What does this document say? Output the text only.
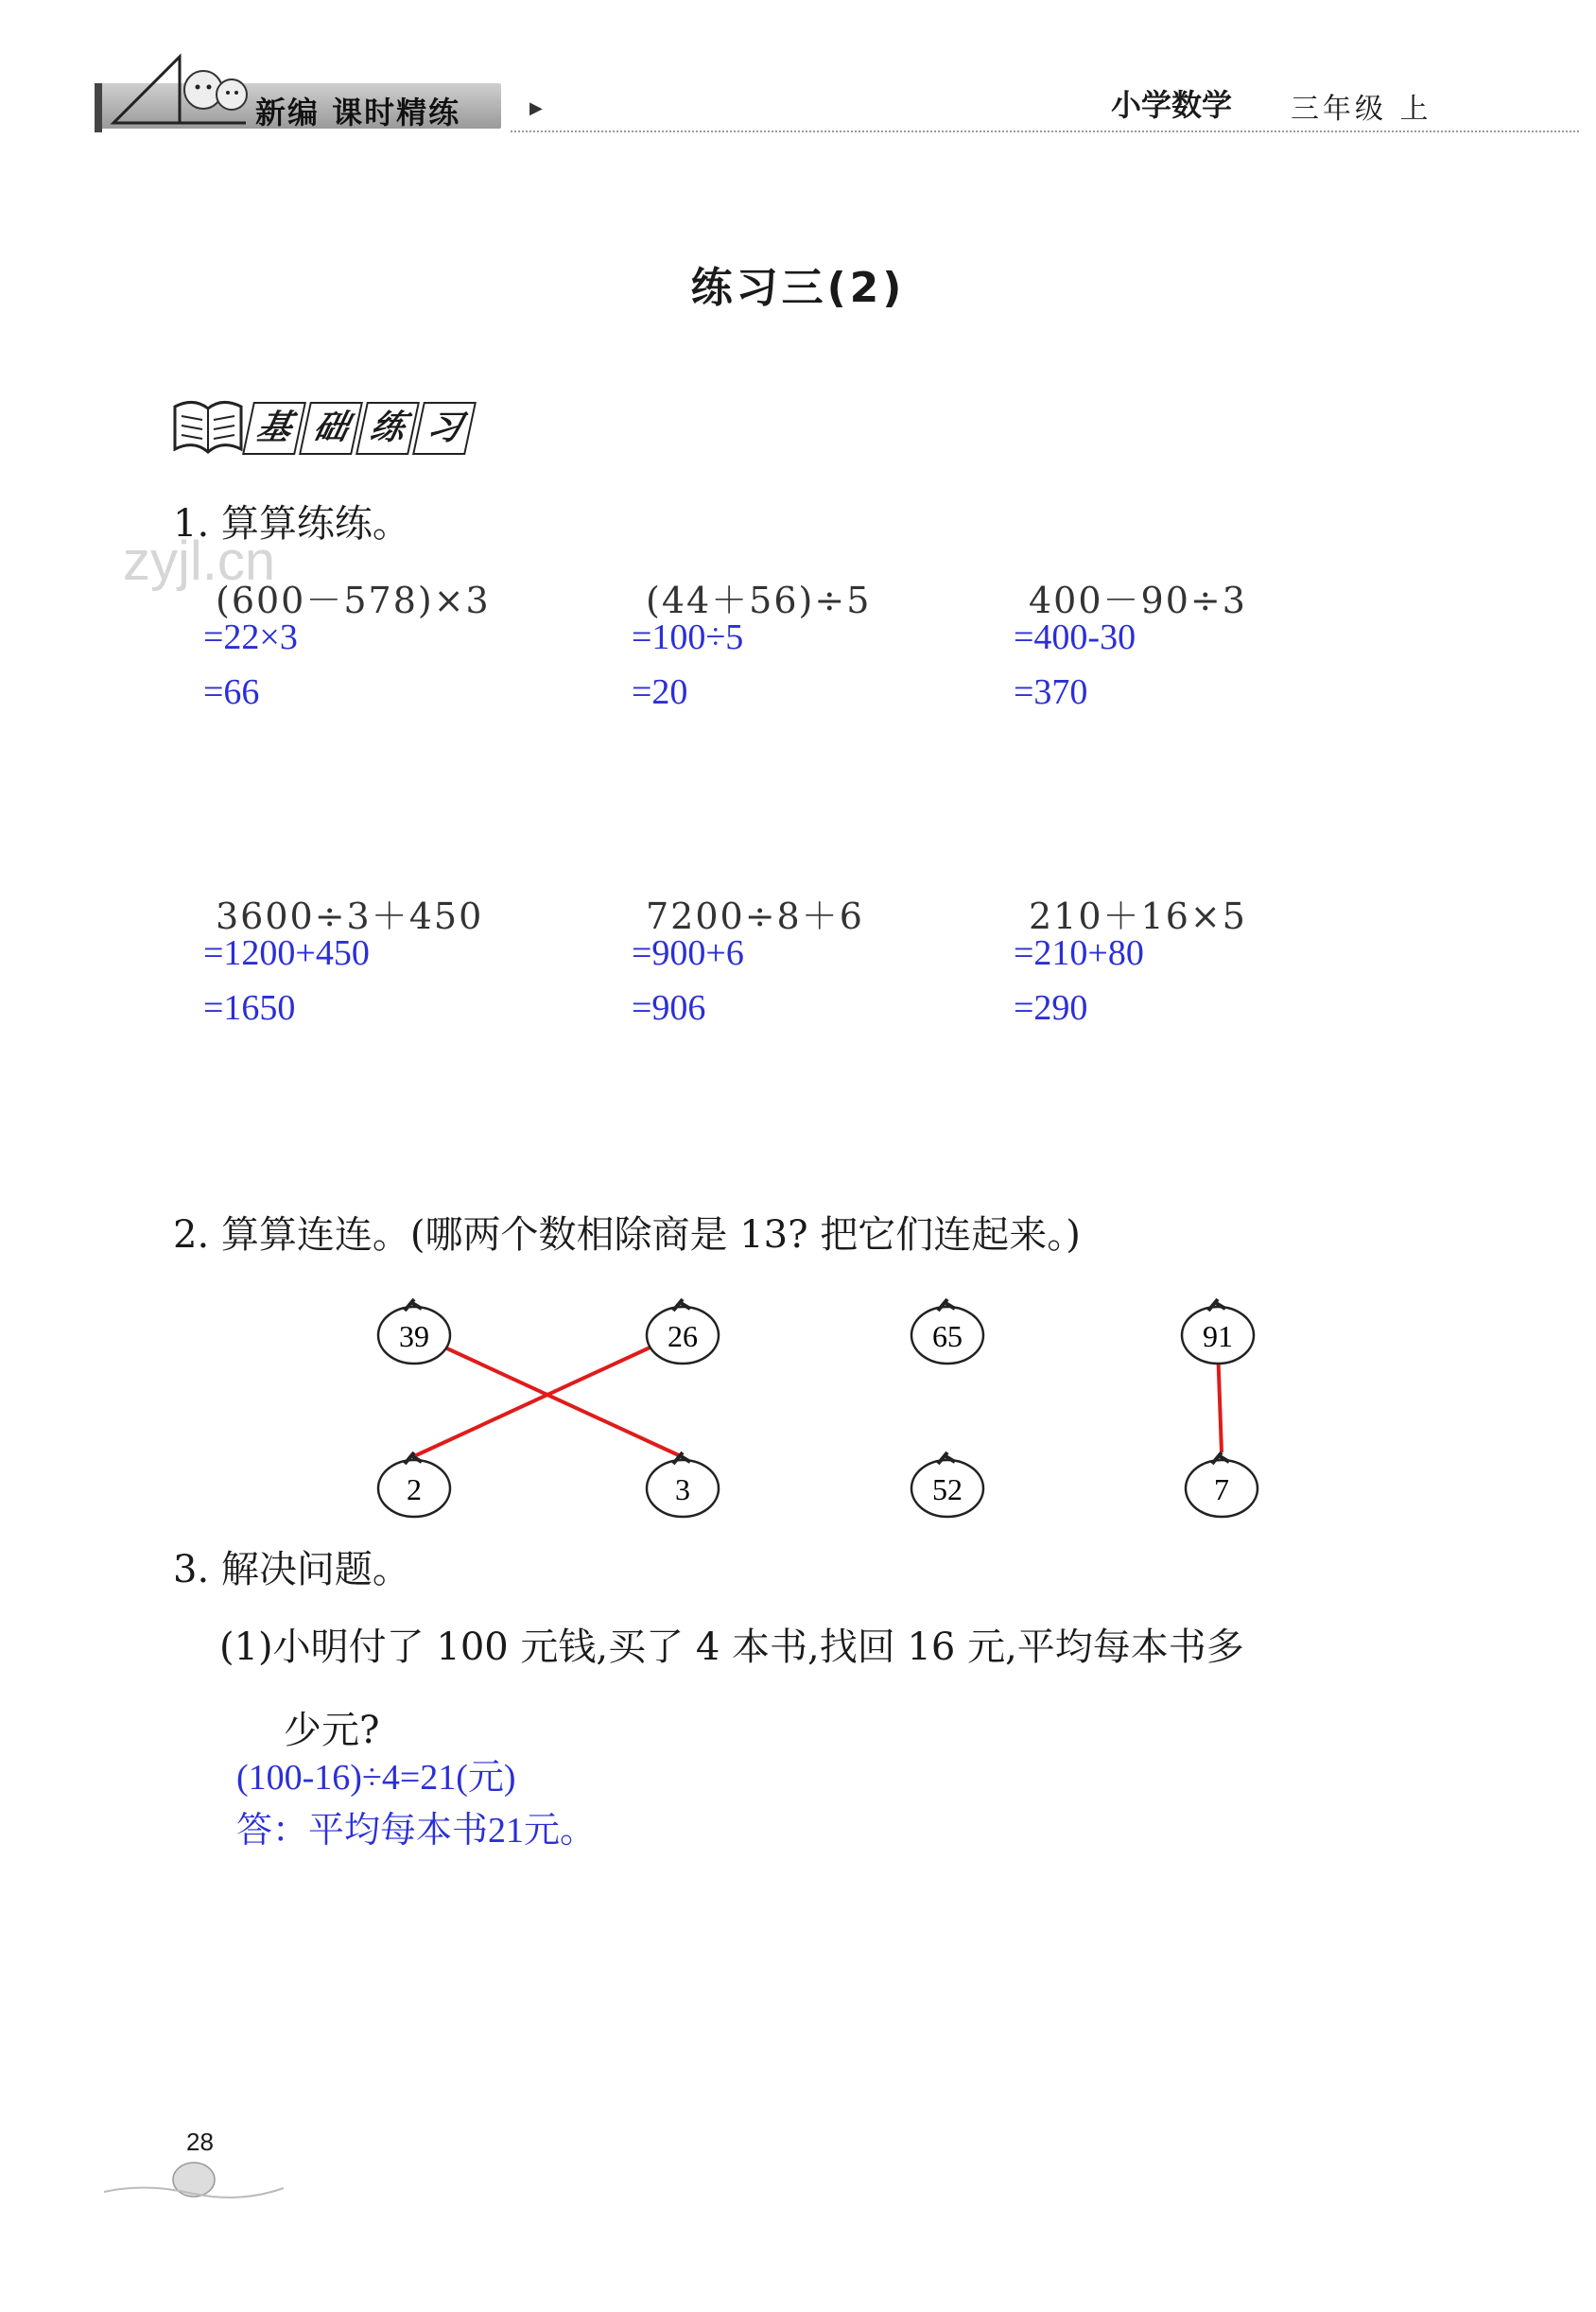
新编 课时精练	▶	小学数学 三年级 上
练习三(2)
基 础 练 习
zyjl.cn
1. 算算练练。
(600－578)×3
=22×3
=66
(44＋56)÷5
=100÷5
=20
400－90÷3
=400-30
=370
3600÷3＋450
=1200+450
=1650
7200÷8＋6
=900+6
=906
210＋16×5
=210+80
=290
2. 算算连连。(哪两个数相除商是 13? 把它们连起来。)
39	26	65	91
2	3	52	7
3. 解决问题。
(1)小明付了 100 元钱,买了 4 本书,找回 16 元,平均每本书多
少元?
(100-16)÷4=21(元)
答：平均每本书21元。
28
